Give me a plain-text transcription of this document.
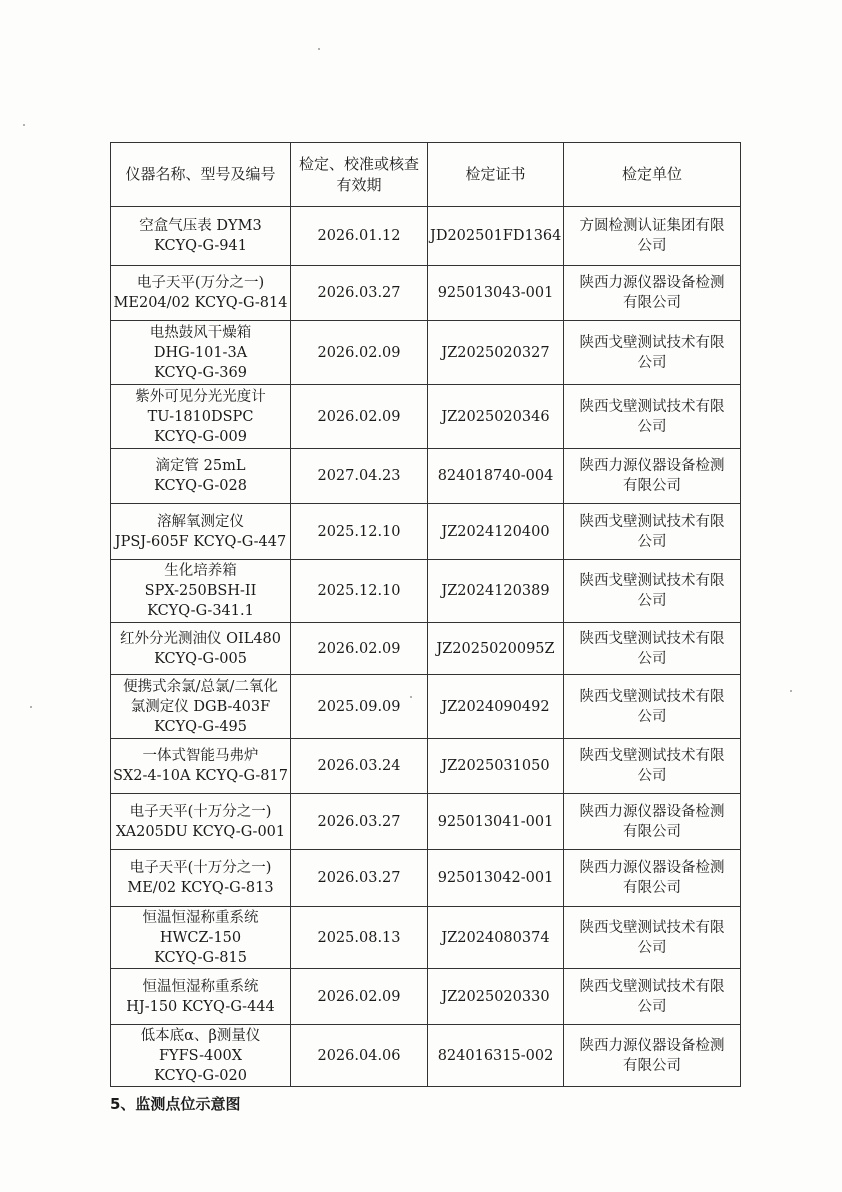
仪器名称、型号及编号	检定、校准或核查
有效期	检定证书	检定单位
空盒气压表 DYM3
KCYQ-G-941	2026.01.12	JD202501FD1364	方圆检测认证集团有限
公司
电子天平(万分之一)
ME204/02 KCYQ-G-814	2026.03.27	925013043-001	陕西力源仪器设备检测
有限公司
电热鼓风干燥箱
DHG-101-3A
KCYQ-G-369	2026.02.09	JZ2025020327	陕西戈壁测试技术有限
公司
紫外可见分光光度计
TU-1810DSPC
KCYQ-G-009	2026.02.09	JZ2025020346	陕西戈壁测试技术有限
公司
滴定管 25mL
KCYQ-G-028	2027.04.23	824018740-004	陕西力源仪器设备检测
有限公司
溶解氧测定仪
JPSJ-605F KCYQ-G-447	2025.12.10	JZ2024120400	陕西戈壁测试技术有限
公司
生化培养箱
SPX-250BSH-II
KCYQ-G-341.1	2025.12.10	JZ2024120389	陕西戈壁测试技术有限
公司
红外分光测油仪 OIL480
KCYQ-G-005	2026.02.09	JZ2025020095Z	陕西戈壁测试技术有限
公司
便携式余氯/总氯/二氧化
氯测定仪 DGB-403F
KCYQ-G-495	2025.09.09	JZ2024090492	陕西戈壁测试技术有限
公司
一体式智能马弗炉
SX2-4-10A KCYQ-G-817	2026.03.24	JZ2025031050	陕西戈壁测试技术有限
公司
电子天平(十万分之一)
XA205DU KCYQ-G-001	2026.03.27	925013041-001	陕西力源仪器设备检测
有限公司
电子天平(十万分之一)
ME/02 KCYQ-G-813	2026.03.27	925013042-001	陕西力源仪器设备检测
有限公司
恒温恒湿称重系统
HWCZ-150
KCYQ-G-815	2025.08.13	JZ2024080374	陕西戈壁测试技术有限
公司
恒温恒湿称重系统
HJ-150 KCYQ-G-444	2026.02.09	JZ2025020330	陕西戈壁测试技术有限
公司
低本底α、β测量仪
FYFS-400X
KCYQ-G-020	2026.04.06	824016315-002	陕西力源仪器设备检测
有限公司
5、监测点位示意图
